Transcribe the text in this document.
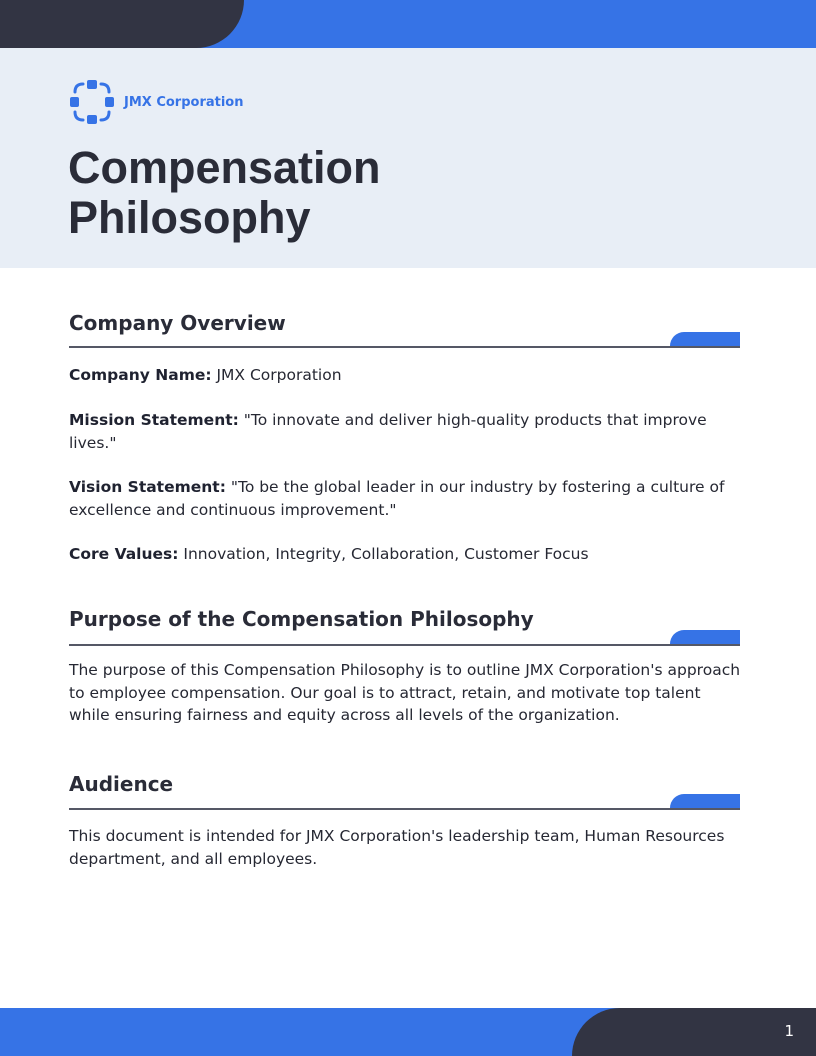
JMX Corporation
Compensation
Philosophy
Company Overview

Company Name: JMX Corporation

Mission Statement: "To innovate and deliver high-quality products that improve lives."

Vision Statement: "To be the global leader in our industry by fostering a culture of excellence and continuous improvement."

Core Values: Innovation, Integrity, Collaboration, Customer Focus

Purpose of the Compensation Philosophy

The purpose of this Compensation Philosophy is to outline JMX Corporation's approach to employee compensation. Our goal is to attract, retain, and motivate top talent while ensuring fairness and equity across all levels of the organization.

Audience

This document is intended for JMX Corporation's leadership team, Human Resources department, and all employees.

1
